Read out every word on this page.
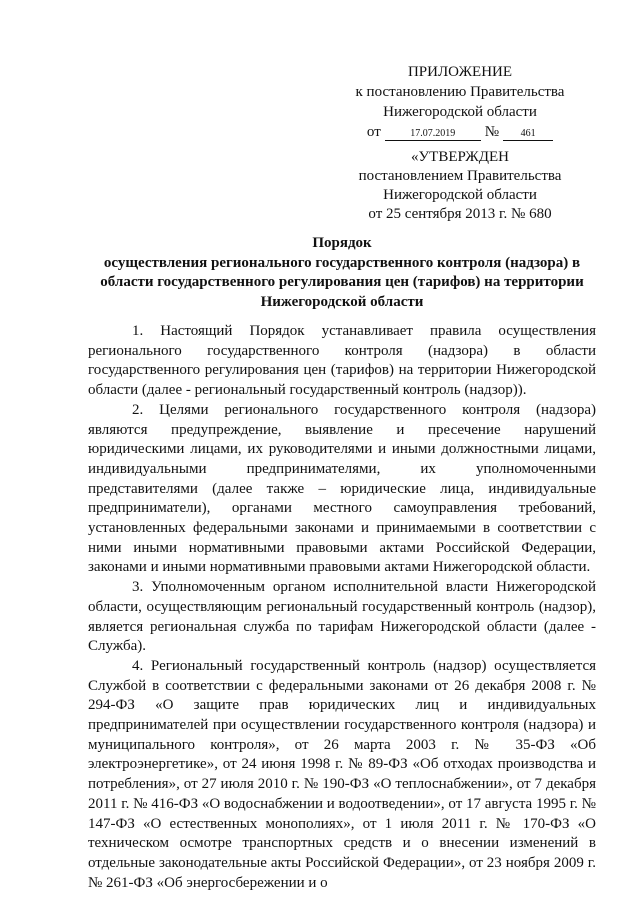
ПРИЛОЖЕНИЕ
к постановлению Правительства
Нижегородской области
от	17.07.2019	№	461
«УТВЕРЖДЕН
постановлением Правительства
Нижегородской области
от 25 сентября 2013 г. № 680
Порядок
осуществления регионального государственного контроля (надзора) в области государственного регулирования цен (тарифов) на территории Нижегородской области

1. Настоящий Порядок устанавливает правила осуществления регионального государственного контроля (надзора) в области государственного регулирования цен (тарифов) на территории Нижегородской области (далее - региональный государственный контроль (надзор)).

2. Целями регионального государственного контроля (надзора) являются предупреждение, выявление и пресечение нарушений юридическими лицами, их руководителями и иными должностными лицами, индивидуальными предпринимателями, их уполномоченными представителями (далее также – юридические лица, индивидуальные предприниматели), органами местного самоуправления требований, установленных федеральными законами и принимаемыми в соответствии с ними иными нормативными правовыми актами Российской Федерации, законами и иными нормативными правовыми актами Нижегородской области.

3. Уполномоченным органом исполнительной власти Нижегородской области, осуществляющим региональный государственный контроль (надзор), является региональная служба по тарифам Нижегородской области (далее - Служба).

4. Региональный государственный контроль (надзор) осуществляется Службой в соответствии с федеральными законами от 26 декабря 2008 г. № 294-ФЗ «О защите прав юридических лиц и индивидуальных предпринимателей при осуществлении государственного контроля (надзора) и муниципального контроля», от 26 марта 2003 г. № 35-ФЗ «Об электроэнергетике», от 24 июня 1998 г. № 89-ФЗ «Об отходах производства и потребления», от 27 июля 2010 г. № 190-ФЗ «О теплоснабжении», от 7 декабря 2011 г. № 416-ФЗ «О водоснабжении и водоотведении», от 17 августа 1995 г. № 147-ФЗ «О естественных монополиях», от 1 июля 2011 г. № 170-ФЗ «О техническом осмотре транспортных средств и о внесении изменений в отдельные законодательные акты Российской Федерации», от 23 ноября 2009 г. № 261-ФЗ «Об энергосбережении и о
